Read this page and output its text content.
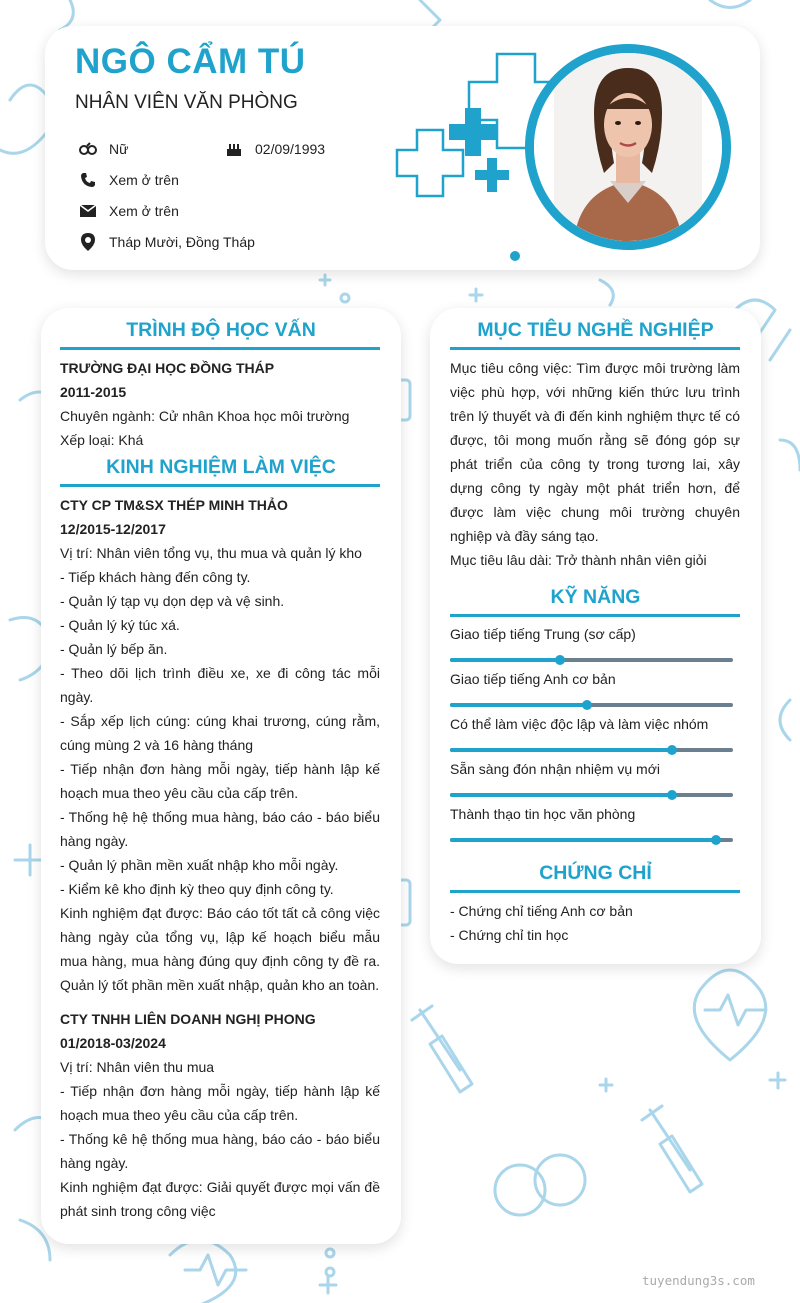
NGÔ CẨM TÚ
NHÂN VIÊN VĂN PHÒNG
Nữ	02/09/1993
Xem ở trên
Xem ở trên
Tháp Mười, Đồng Tháp
TRÌNH ĐỘ HỌC VẤN
TRƯỜNG ĐẠI HỌC ĐỒNG THÁP
2011-2015
Chuyên ngành: Cử nhân Khoa học môi trường
Xếp loại: Khá
KINH NGHIỆM LÀM VIỆC
CTY CP TM&SX THÉP MINH THẢO
12/2015-12/2017
Vị trí: Nhân viên tổng vụ, thu mua và quản lý kho
- Tiếp khách hàng đến công ty.
- Quản lý tạp vụ dọn dẹp và vệ sinh.
- Quản lý ký túc xá.
- Quản lý bếp ăn.
- Theo dõi lịch trình điều xe, xe đi công tác mỗi ngày.
- Sắp xếp lịch cúng: cúng khai trương, cúng rằm, cúng mùng 2 và 16 hàng tháng
- Tiếp nhận đơn hàng mỗi ngày, tiếp hành lập kế hoạch mua theo yêu cầu của cấp trên.
- Thống hệ hệ thống mua hàng, báo cáo - báo biểu hàng ngày.
- Quản lý phần mền xuất nhập kho mỗi ngày.
- Kiểm kê kho định kỳ theo quy định công ty.
Kinh nghiệm đạt được: Báo cáo tốt tất cả công việc hàng ngày của tổng vụ, lập kế hoạch biểu mẫu mua hàng, mua hàng đúng quy định công ty đề ra. Quản lý tốt phần mền xuất nhập, quản kho an toàn.
CTY TNHH LIÊN DOANH NGHỊ PHONG
01/2018-03/2024
Vị trí: Nhân viên thu mua
- Tiếp nhận đơn hàng mỗi ngày, tiếp hành lập kế hoạch mua theo yêu cầu của cấp trên.
- Thống kê hệ thống mua hàng, báo cáo - báo biểu hàng ngày.
Kinh nghiệm đạt được: Giải quyết được mọi vấn đề phát sinh trong công việc
MỤC TIÊU NGHỀ NGHIỆP
Mục tiêu công việc: Tìm được môi trường làm việc phù hợp, với những kiến thức lưu trình trên lý thuyết và đi đến kinh nghiệm thực tế có được, tôi mong muốn rằng sẽ đóng góp sự phát triển của công ty trong tương lai, xây dựng công ty ngày một phát triển hơn, để được làm việc chung môi trường chuyên nghiệp và đầy sáng tạo.
Mục tiêu lâu dài: Trở thành nhân viên giỏi
KỸ NĂNG
Giao tiếp tiếng Trung (sơ cấp)
Giao tiếp tiếng Anh cơ bản
Có thể làm việc độc lập và làm việc nhóm
Sẵn sàng đón nhận nhiệm vụ mới
Thành thạo tin học văn phòng
CHỨNG CHỈ
- Chứng chỉ tiếng Anh cơ bản
- Chứng chỉ tin học
tuyendung3s.com
